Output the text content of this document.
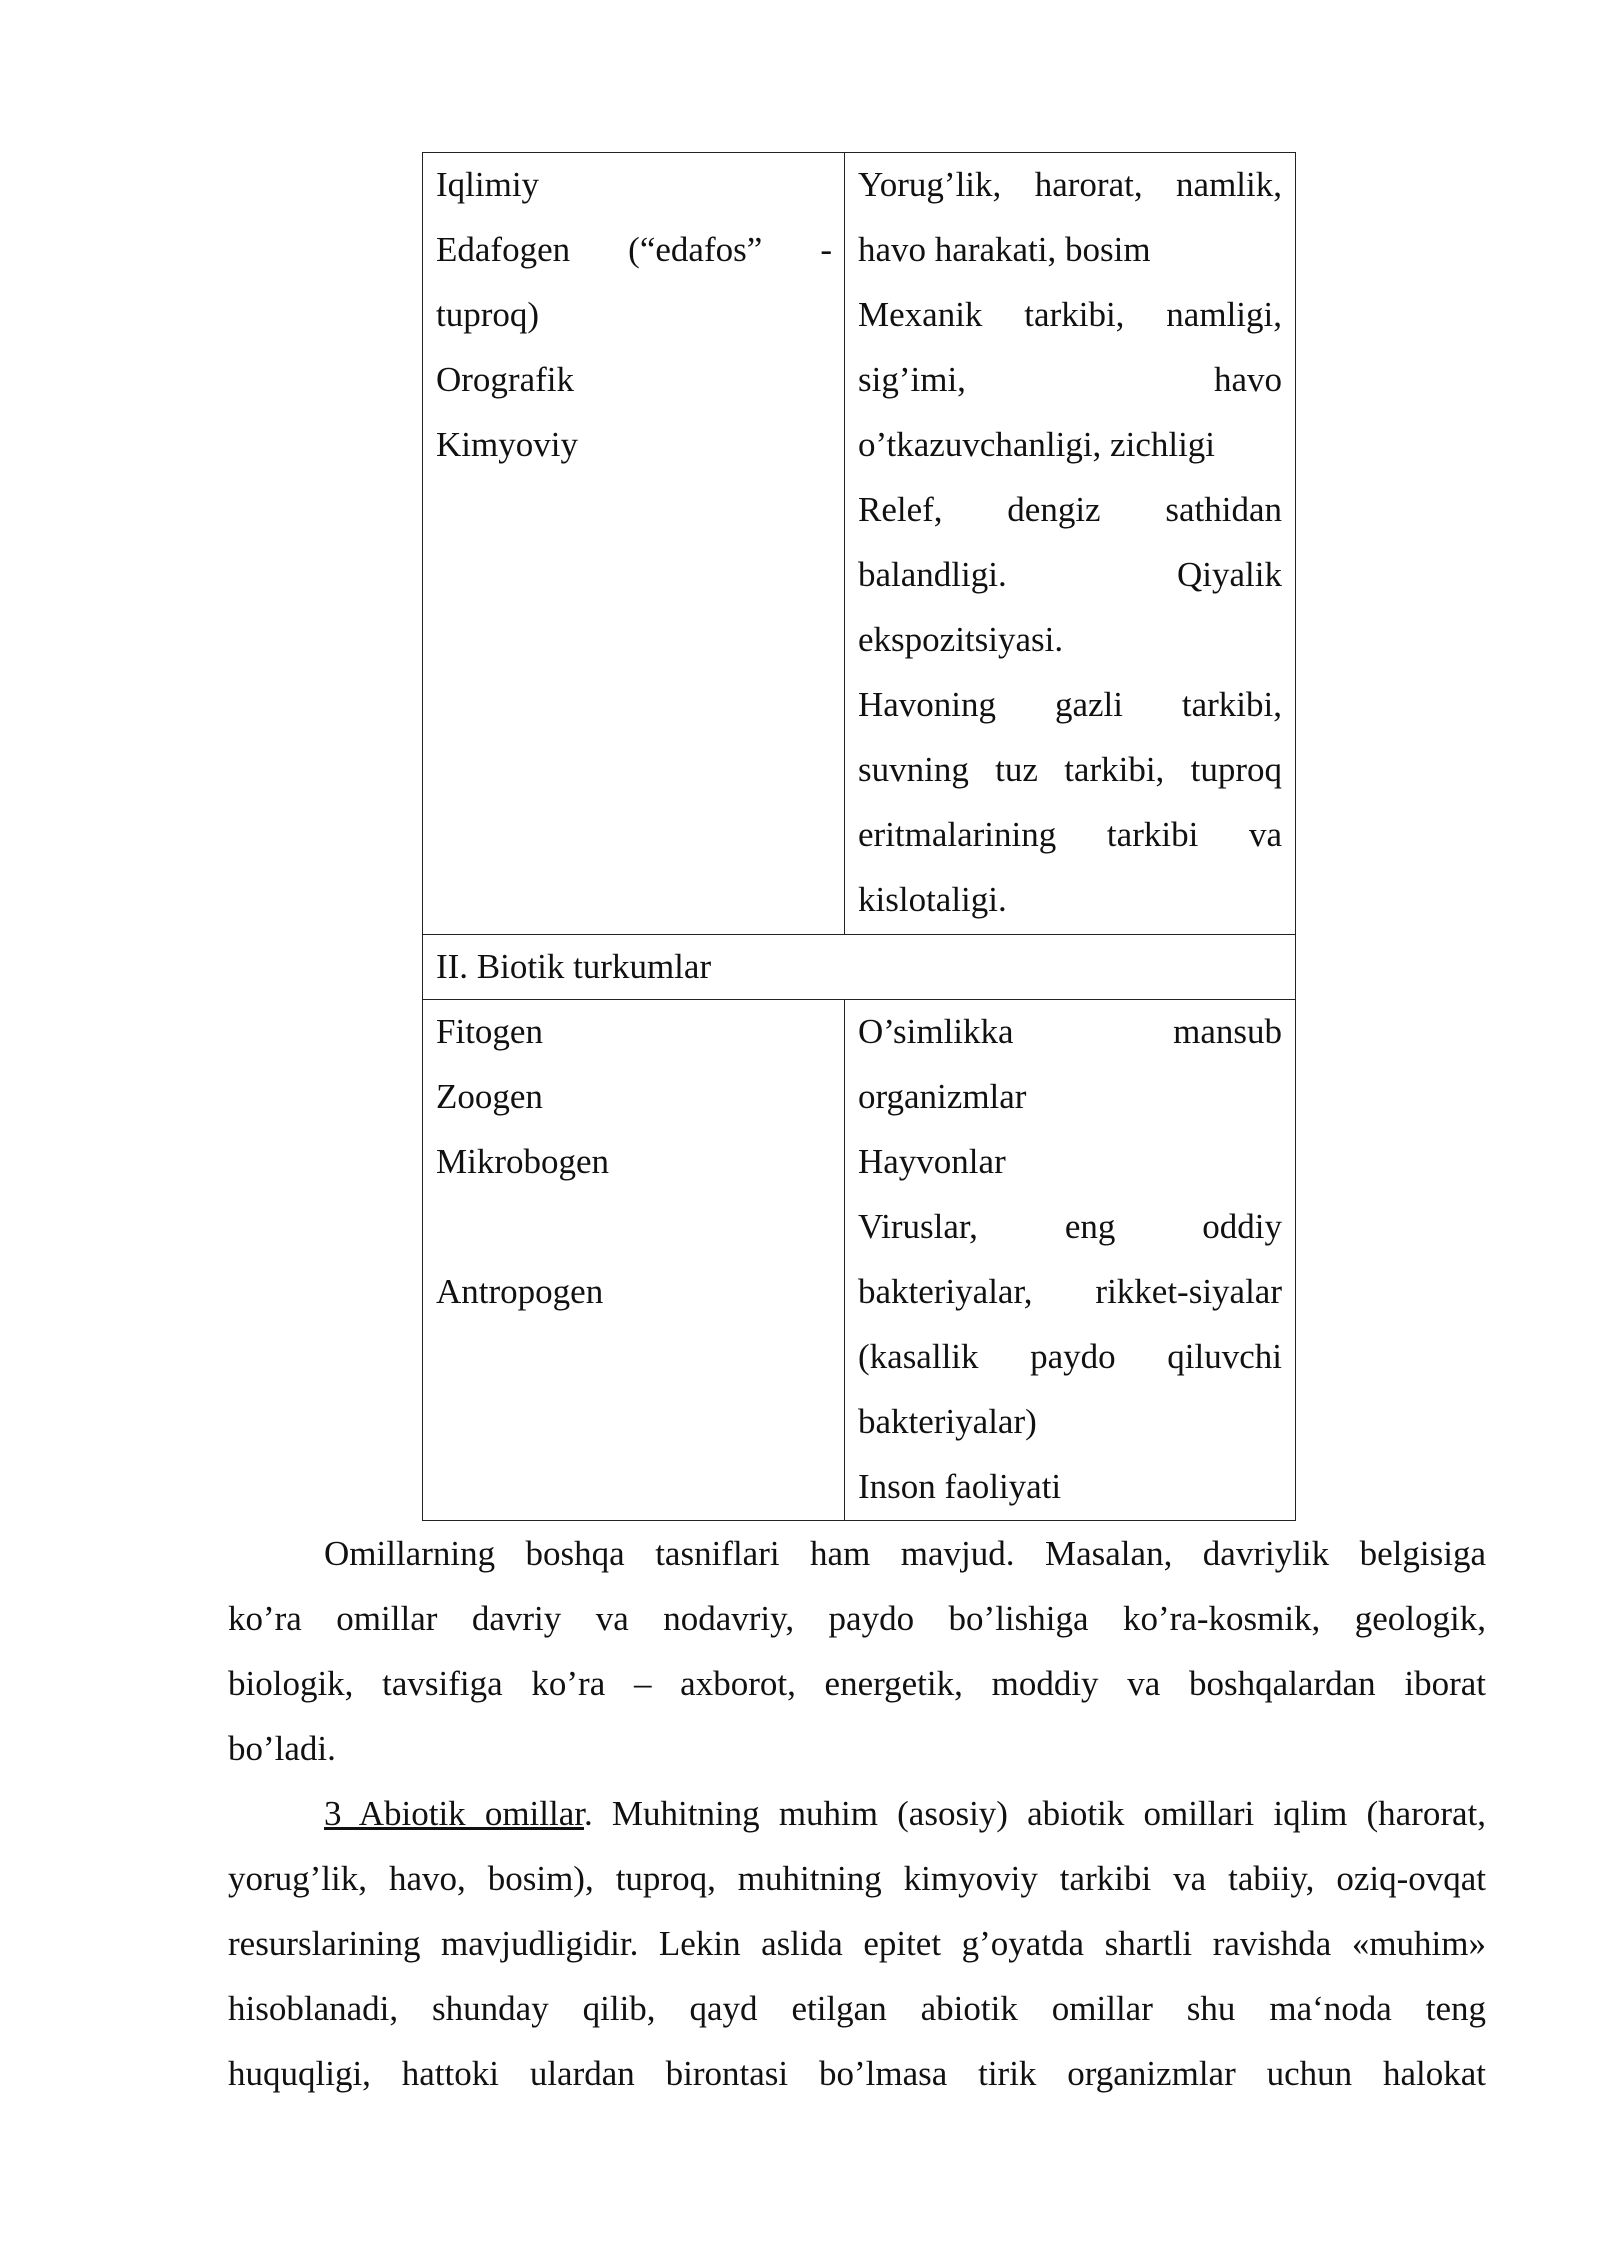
Iqlimiy
Edafogen (“edafos” -
tuproq)
Orografik
Kimyoviy
Yorug’lik, harorat, namlik,
havo harakati, bosim
Mexanik tarkibi, namligi,
sig’imi, havo
o’tkazuvchanligi, zichligi
Relef, dengiz sathidan
balandligi. Qiyalik
ekspozitsiyasi.
Havoning gazli tarkibi,
suvning tuz tarkibi, tuproq
eritmalarining tarkibi va
kislotaligi.
II. Biotik turkumlar
Fitogen
Zoogen
Mikrobogen
Antropogen
O’simlikka mansub
organizmlar
Hayvonlar
Viruslar, eng oddiy
bakteriyalar, rikket-siyalar
(kasallik paydo qiluvchi
bakteriyalar)
Inson faoliyati
Omillarning boshqa tasniflari ham mavjud. Masalan, davriylik belgisiga
ko’ra omillar davriy va nodavriy, paydo bo’lishiga ko’ra-kosmik, geologik,
biologik, tavsifiga ko’ra – axborot, energetik, moddiy va boshqalardan iborat
bo’ladi.
3 Abiotik omillar. Muhitning muhim (asosiy) abiotik omillari iqlim (harorat,
yorug’lik, havo, bosim), tuproq, muhitning kimyoviy tarkibi va tabiiy, oziq-ovqat
resurslarining mavjudligidir. Lekin aslida epitet g’oyatda shartli ravishda «muhim»
hisoblanadi, shunday qilib, qayd etilgan abiotik omillar shu ma‘noda teng
huquqligi, hattoki ulardan birontasi bo’lmasa tirik organizmlar uchun halokat
